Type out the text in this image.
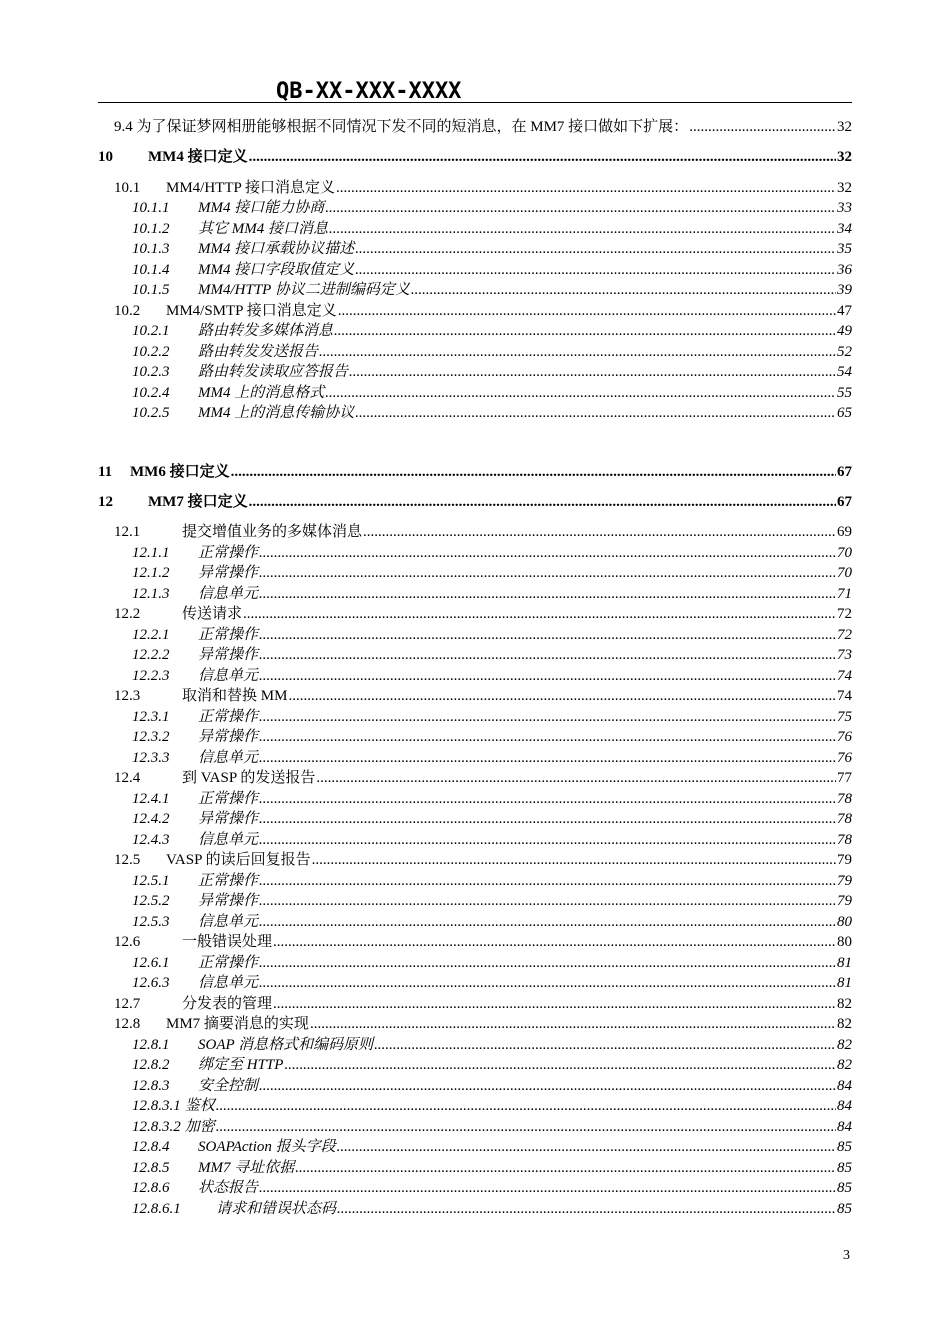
QB-XX-XXX-XXXX
9.4 为了保证梦网相册能够根据不同情况下发不同的短消息，在 MM7 接口做如下扩展： .....	32
10	MM4 接口定义 .....	32
10.1	MM4/HTTP 接口消息定义 .....	32
10.1.1	MM4 接口能力协商 .....	33
10.1.2	其它 MM4 接口消息 .....	34
10.1.3	MM4 接口承载协议描述 .....	35
10.1.4	MM4 接口字段取值定义 .....	36
10.1.5	MM4/HTTP 协议二进制编码定义 .....	39
10.2	MM4/SMTP 接口消息定义 .....	47
10.2.1	路由转发多媒体消息 .....	49
10.2.2	路由转发发送报告 .....	52
10.2.3	路由转发读取应答报告 .....	54
10.2.4	MM4 上的消息格式 .....	55
10.2.5	MM4 上的消息传输协议 .....	65
11	MM6 接口定义 .....	67
12	MM7 接口定义 .....	67
12.1	提交增值业务的多媒体消息 .....	69
12.1.1	正常操作 .....	70
12.1.2	异常操作 .....	70
12.1.3	信息单元 .....	71
12.2	传送请求 .....	72
12.2.1	正常操作 .....	72
12.2.2	异常操作 .....	73
12.2.3	信息单元 .....	74
12.3	取消和替换 MM .....	74
12.3.1	正常操作 .....	75
12.3.2	异常操作 .....	76
12.3.3	信息单元 .....	76
12.4	到 VASP 的发送报告 .....	77
12.4.1	正常操作 .....	78
12.4.2	异常操作 .....	78
12.4.3	信息单元 .....	78
12.5	VASP 的读后回复报告 .....	79
12.5.1	正常操作 .....	79
12.5.2	异常操作 .....	79
12.5.3	信息单元 .....	80
12.6	一般错误处理 .....	80
12.6.1	正常操作 .....	81
12.6.3	信息单元 .....	81
12.7	分发表的管理 .....	82
12.8	MM7 摘要消息的实现 .....	82
12.8.1	SOAP 消息格式和编码原则 .....	82
12.8.2	绑定至 HTTP .....	82
12.8.3	安全控制 .....	84
12.8.3.1 鉴权 .....	84
12.8.3.2 加密 .....	84
12.8.4	SOAPAction 报头字段 .....	85
12.8.5	MM7 寻址依据 .....	85
12.8.6	状态报告 .....	85
12.8.6.1	请求和错误状态码 .....	85
3
